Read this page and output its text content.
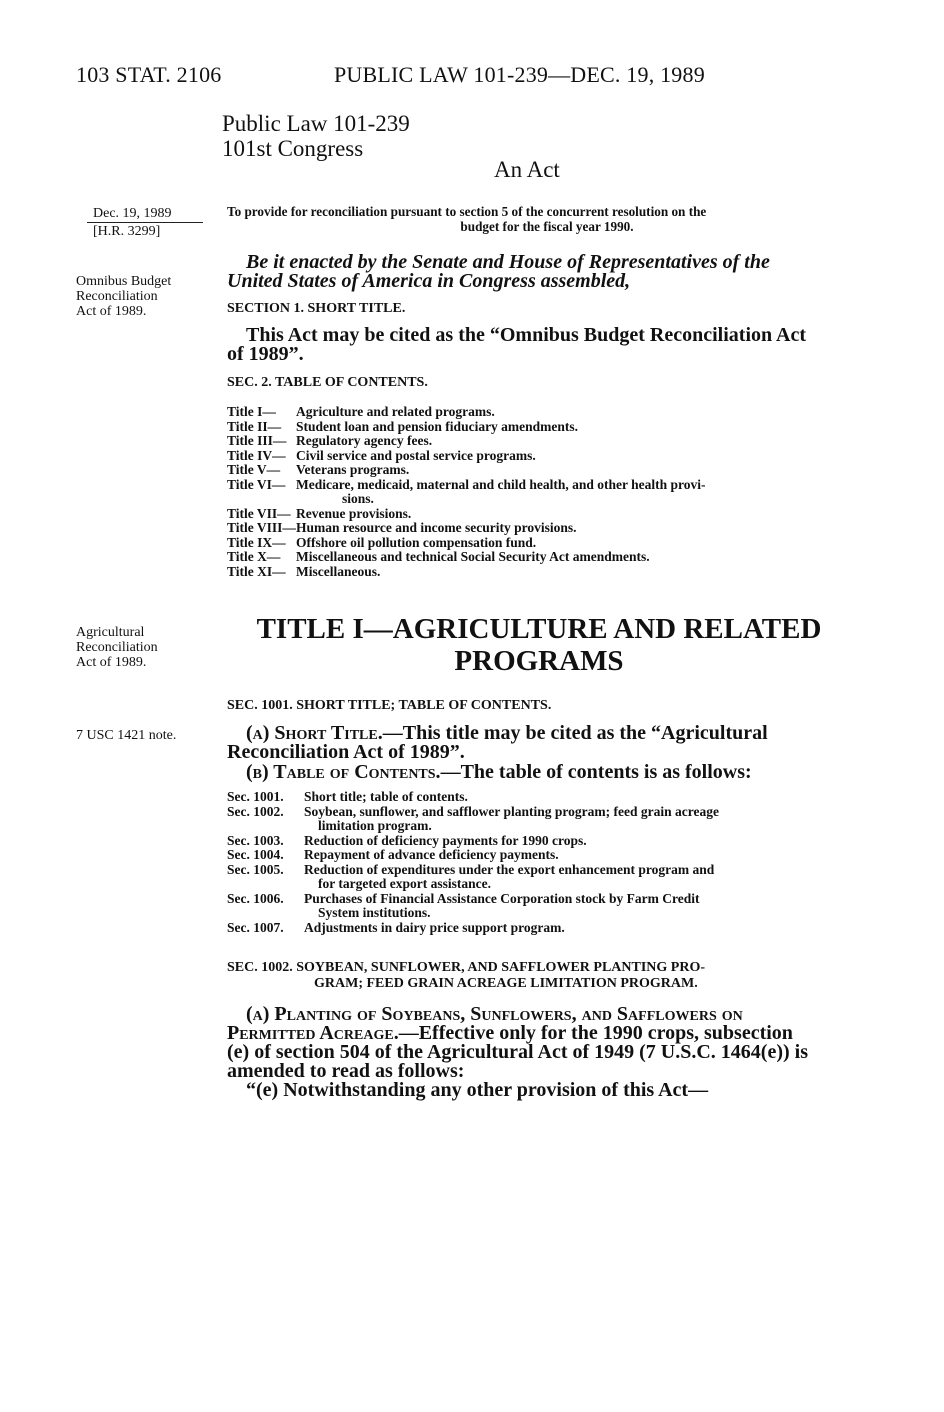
103 STAT. 2106	PUBLIC LAW 101-239—DEC. 19, 1989
Public Law 101-239
101st Congress
An Act
Dec. 19, 1989
[H.R. 3299]
Omnibus Budget
Reconciliation
Act of 1989.
Agricultural
Reconciliation
Act of 1989.
7 USC 1421 note.
To provide for reconciliation pursuant to section 5 of the concurrent resolution on the
budget for the fiscal year 1990.
Be it enacted by the Senate and House of Representatives of the
United States of America in Congress assembled,
SECTION 1. SHORT TITLE.
This Act may be cited as the “Omnibus Budget Reconciliation Act
of 1989”.
SEC. 2. TABLE OF CONTENTS.
Title I—	Agriculture and related programs.
Title II—	Student loan and pension fiduciary amendments.
Title III— Regulatory agency fees.
Title IV— Civil service and postal service programs.
Title V—	Veterans programs.
Title VI— Medicare, medicaid, maternal and child health, and other health provi-
sions.
Title VII— Revenue provisions.
Title VIII— Human resource and income security provisions.
Title IX— Offshore oil pollution compensation fund.
Title X—	Miscellaneous and technical Social Security Act amendments.
Title XI— Miscellaneous.
TITLE I—AGRICULTURE AND RELATED
PROGRAMS
SEC. 1001. SHORT TITLE; TABLE OF CONTENTS.
(a) Short Title.—This title may be cited as the “Agricultural
Reconciliation Act of 1989”.
(b) Table of Contents.—The table of contents is as follows:
Sec. 1001.	Short title; table of contents.
Sec. 1002.	Soybean, sunflower, and safflower planting program; feed grain acreage
limitation program.
Sec. 1003.	Reduction of deficiency payments for 1990 crops.
Sec. 1004.	Repayment of advance deficiency payments.
Sec. 1005.	Reduction of expenditures under the export enhancement program and
for targeted export assistance.
Sec. 1006.	Purchases of Financial Assistance Corporation stock by Farm Credit
System institutions.
Sec. 1007.	Adjustments in dairy price support program.
SEC. 1002. SOYBEAN, SUNFLOWER, AND SAFFLOWER PLANTING PRO-
GRAM; FEED GRAIN ACREAGE LIMITATION PROGRAM.
(a) Planting of Soybeans, Sunflowers, and Safflowers on
Permitted Acreage.—Effective only for the 1990 crops, subsection
(e) of section 504 of the Agricultural Act of 1949 (7 U.S.C. 1464(e)) is
amended to read as follows:
“(e) Notwithstanding any other provision of this Act—
